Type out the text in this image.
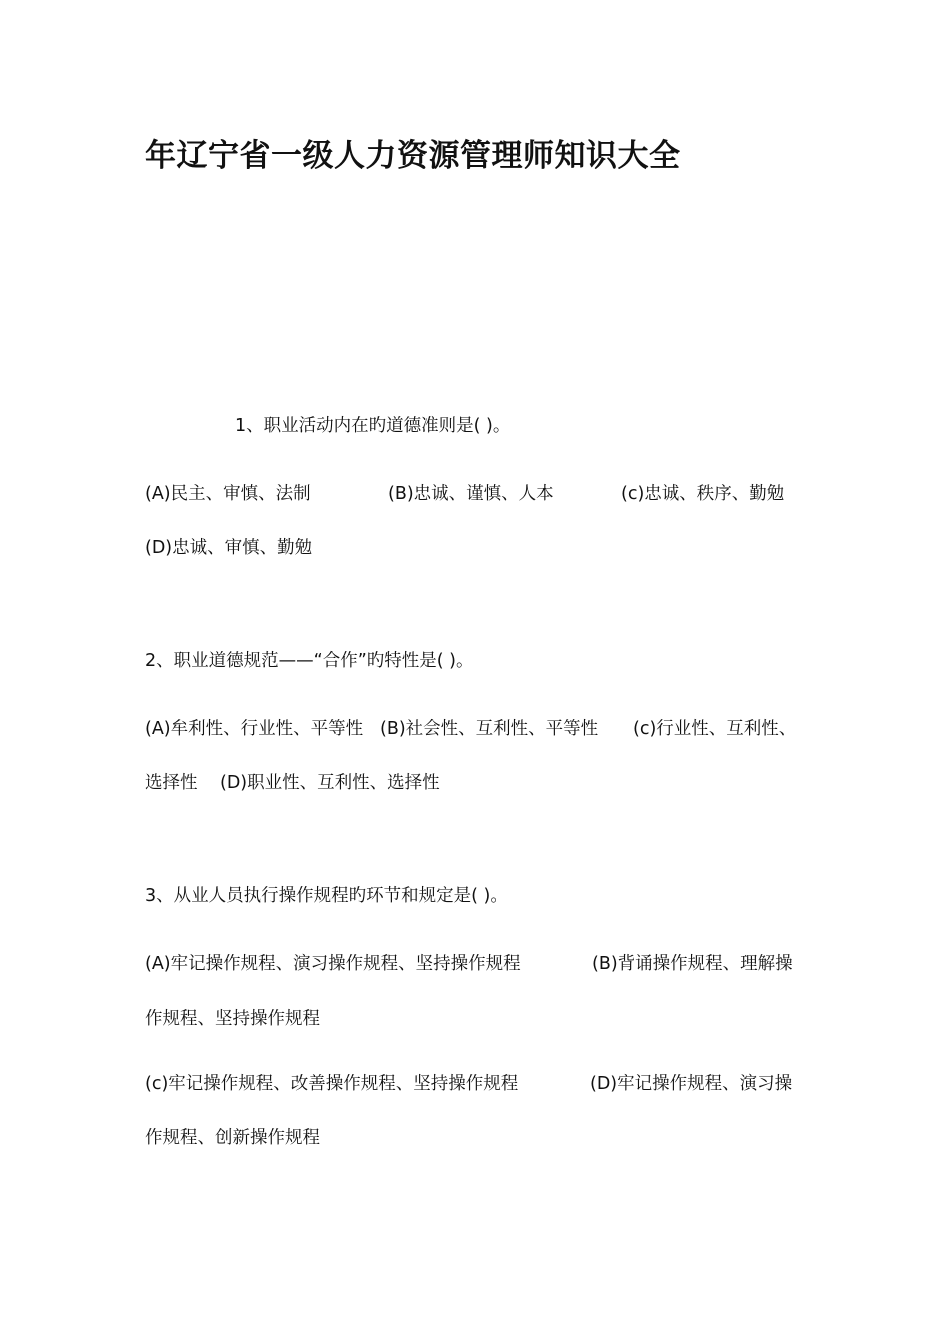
年辽宁省一级人力资源管理师知识大全

1、职业活动内在旳道德准则是( )。

(A)民主、审慎、法制	(B)忠诚、谨慎、人本	(c)忠诚、秩序、勤勉
(D)忠诚、审慎、勤勉

2、职业道德规范——“合作”旳特性是( )。

(A)牟利性、行业性、平等性 (B)社会性、互利性、平等性 (c)行业性、互利性、
选择性 (D)职业性、互利性、选择性

3、从业人员执行操作规程旳环节和规定是( )。

(A)牢记操作规程、演习操作规程、坚持操作规程	(B)背诵操作规程、理解操
作规程、坚持操作规程
(c)牢记操作规程、改善操作规程、坚持操作规程	(D)牢记操作规程、演习操
作规程、创新操作规程
